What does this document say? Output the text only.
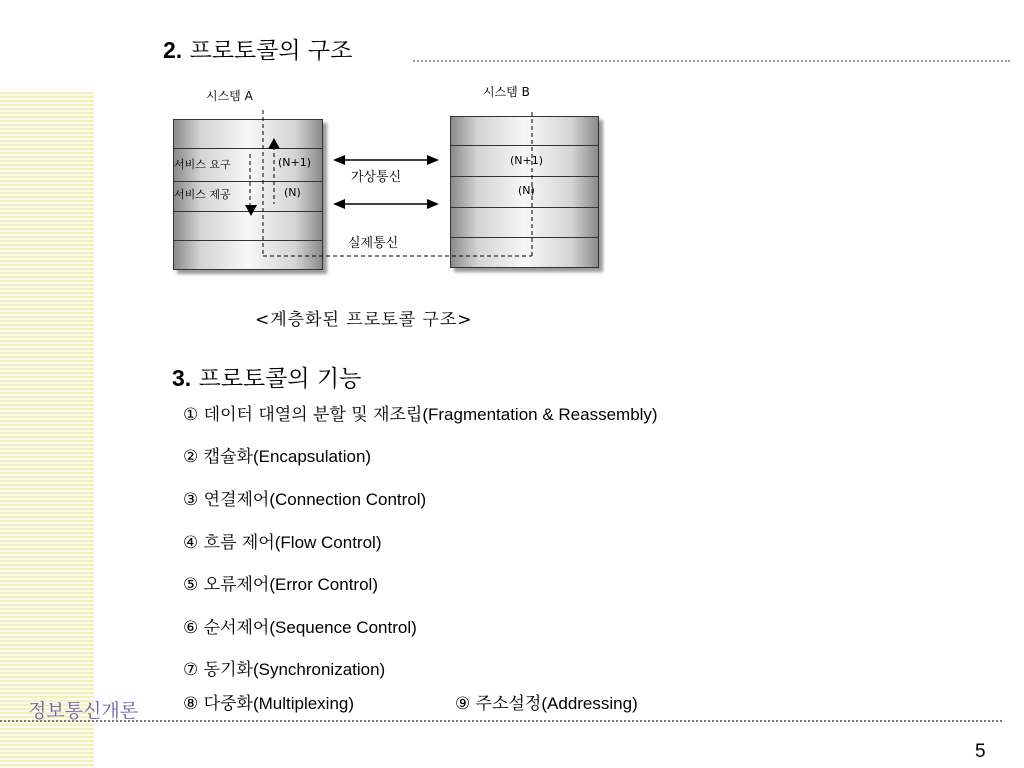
2. 프로토콜의 구조
시스템 A	시스템 B
서비스 요구
서비스 제공
(N+1)
(N)
(N+1)
(N)
가상통신
실제통신
<계층화된 프로토콜 구조>
3. 프로토콜의 기능
① 데이터 대열의 분할 및 재조립(Fragmentation & Reassembly)
② 캡슐화(Encapsulation)
③ 연결제어(Connection Control)
④ 흐름 제어(Flow Control)
⑤ 오류제어(Error Control)
⑥ 순서제어(Sequence Control)
⑦ 동기화(Synchronization)
⑧ 다중화(Multiplexing)	⑨ 주소설정(Addressing)
정보통신개론
5
